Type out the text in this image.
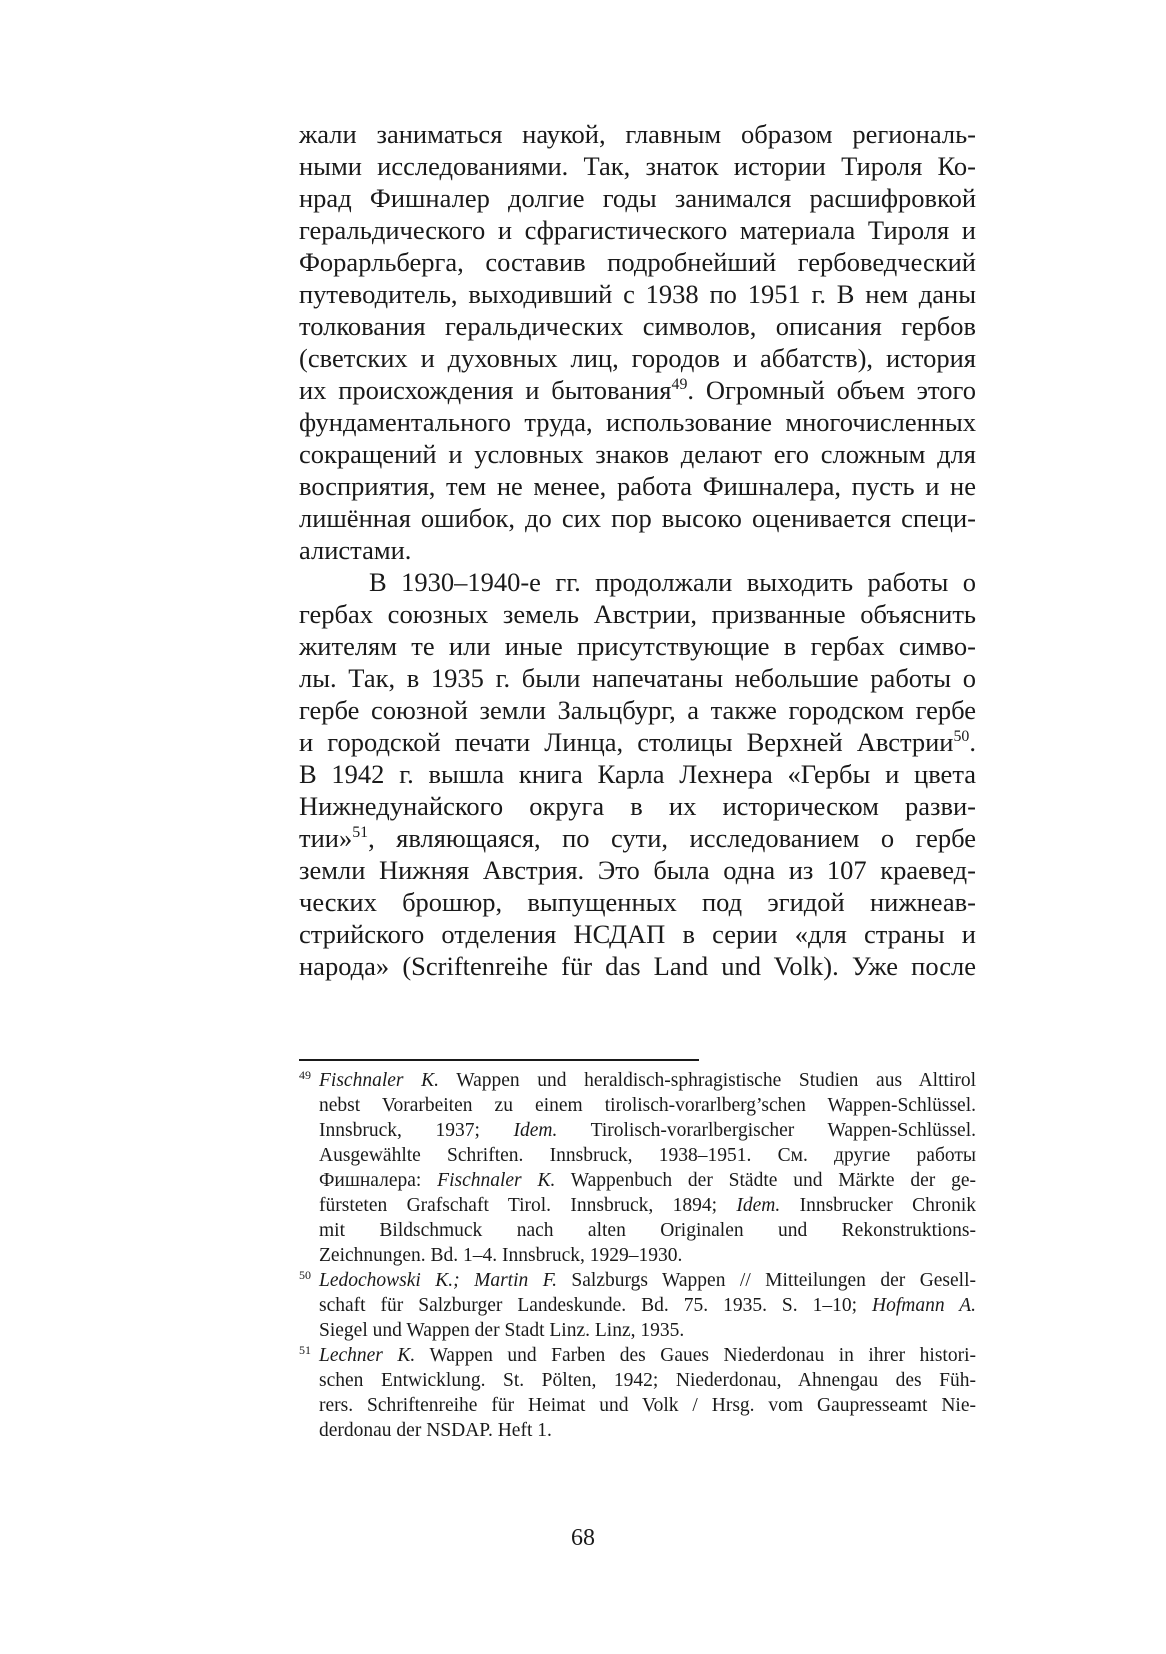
жали заниматься наукой, главным образом региональ-
ными исследованиями. Так, знаток истории Тироля Ко-
нрад Фишналер долгие годы занимался расшифровкой
геральдического и сфрагистического материала Тироля и
Форарльберга, составив подробнейший гербоведческий
путеводитель, выходивший с 1938 по 1951 г. В нем даны
толкования геральдических символов, описания гербов
(светских и духовных лиц, городов и аббатств), история
их происхождения и бытования$^{49}$. Огромный объем этого
фундаментального труда, использование многочисленных
сокращений и условных знаков делают его сложным для
восприятия, тем не менее, работа Фишналера, пусть и не
лишённая ошибок, до сих пор высоко оценивается специ-
алистами.
В 1930–1940-е гг. продолжали выходить работы о
гербах союзных земель Австрии, призванные объяснить
жителям те или иные присутствующие в гербах симво-
лы. Так, в 1935 г. были напечатаны небольшие работы о
гербе союзной земли Зальцбург, а также городском гербе
и городской печати Линца, столицы Верхней Австрии$^{50}$.
В 1942 г. вышла книга Карла Лехнера «Гербы и цвета
Нижнедунайского округа в их историческом разви-
тии»$^{51}$, являющаяся, по сути, исследованием о гербе
земли Нижняя Австрия. Это была одна из 107 краевед-
ческих брошюр, выпущенных под эгидой нижнеав-
стрийского отделения НСДАП в серии «для страны и
народа» (Scriftenreihe für das Land und Volk). Уже после
$^{49}$ Fischnaler K. Wappen und heraldisch-sphragistische Studien aus Alttirol
nebst Vorarbeiten zu einem tirolisch-vorarlberg’schen Wappen-Schlüssel.
Innsbruck, 1937; Idem. Tirolisch-vorarlbergischer Wappen-Schlüssel.
Ausgewählte Schriften. Innsbruck, 1938–1951. См. другие работы
Фишналера: Fischnaler K. Wappenbuch der Städte und Märkte der ge-
fürsteten Grafschaft Tirol. Innsbruck, 1894; Idem. Innsbrucker Chronik
mit Bildschmuck nach alten Originalen und Rekonstruktions-
Zeichnungen. Bd. 1–4. Innsbruck, 1929–1930.
$^{50}$ Ledochowski K.; Martin F. Salzburgs Wappen // Mitteilungen der Gesell-
schaft für Salzburger Landeskunde. Bd. 75. 1935. S. 1–10; Hofmann A.
Siegel und Wappen der Stadt Linz. Linz, 1935.
$^{51}$ Lechner K. Wappen und Farben des Gaues Niederdonau in ihrer histori-
schen Entwicklung. St. Pölten, 1942; Niederdonau, Ahnengau des Füh-
rers. Schriftenreihe für Heimat und Volk / Hrsg. vom Gaupresseamt Nie-
derdonau der NSDAP. Heft 1.
68
